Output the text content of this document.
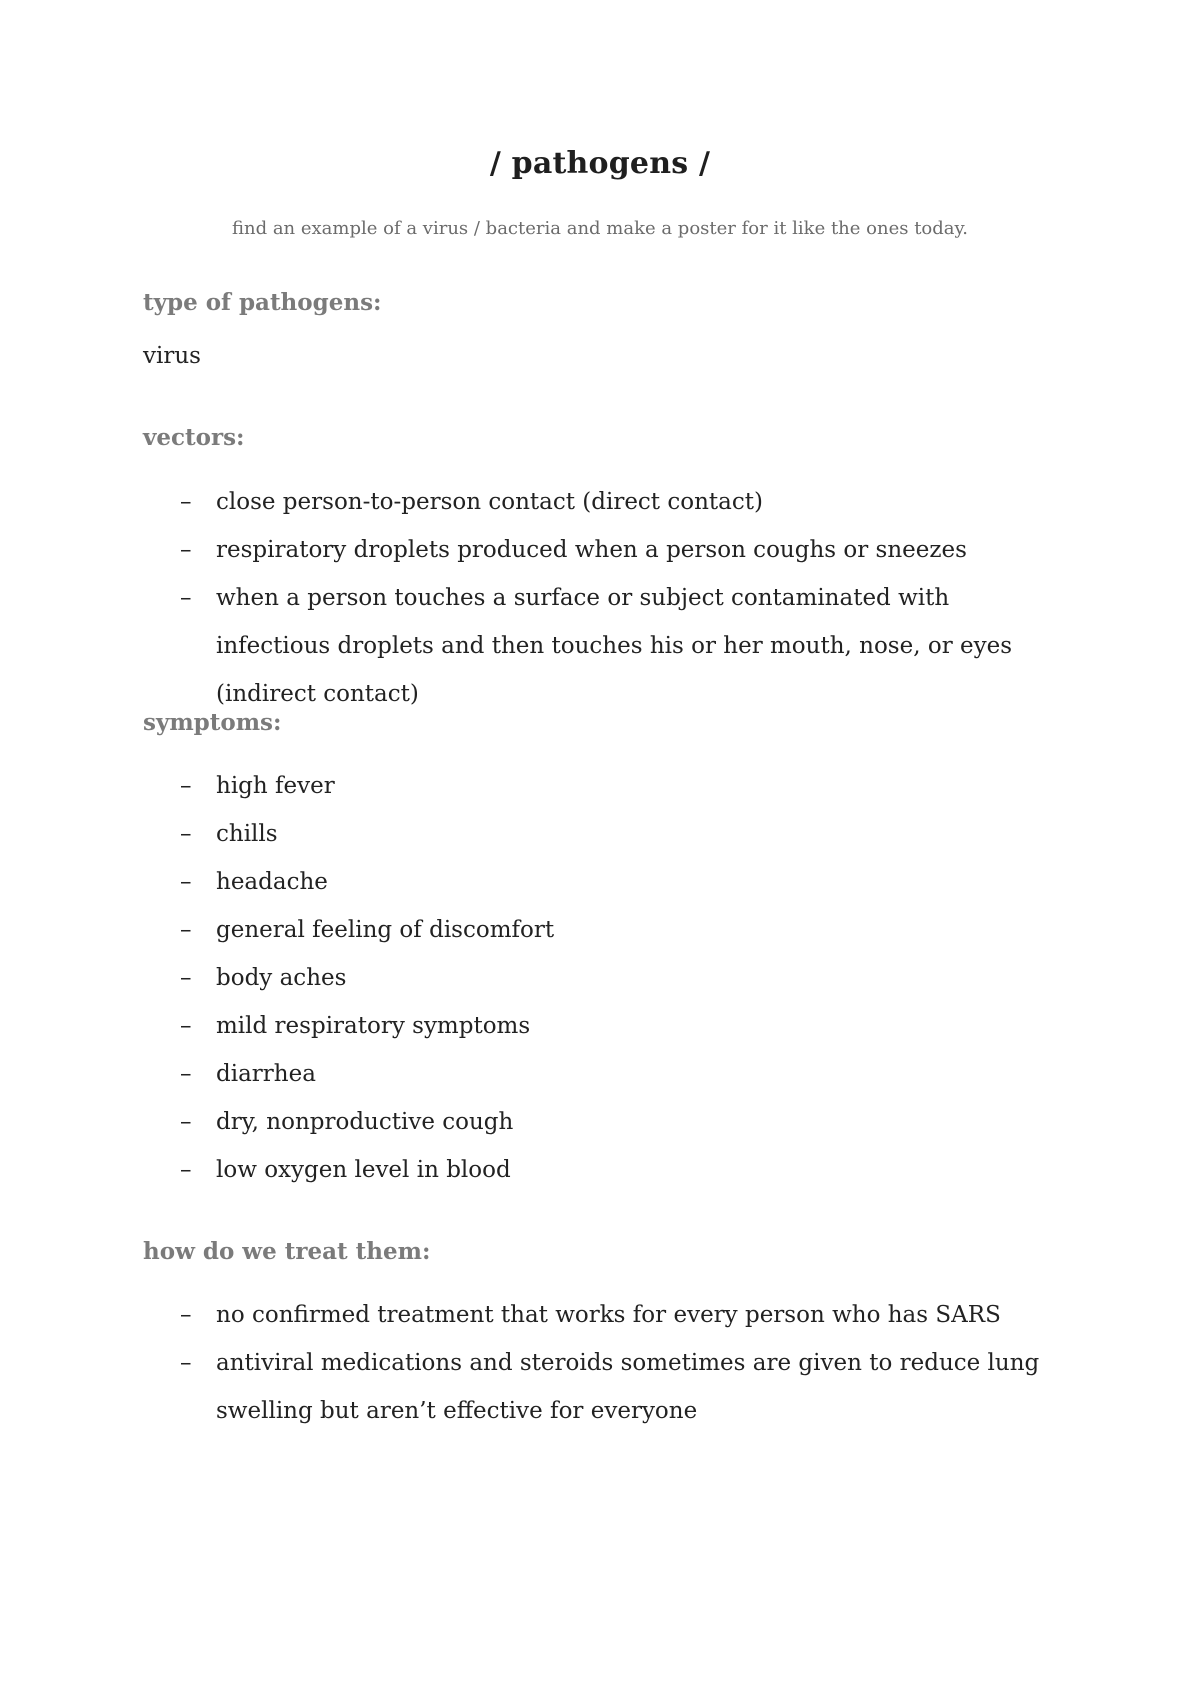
/ pathogens /
find an example of a virus / bacteria and make a poster for it like the ones today.
type of pathogens:
virus
vectors:
– close person-to-person contact (direct contact)
– respiratory droplets produced when a person coughs or sneezes
– when a person touches a surface or subject contaminated with infectious droplets and then touches his or her mouth, nose, or eyes (indirect contact)
symptoms:
– high fever
– chills
– headache
– general feeling of discomfort
– body aches
– mild respiratory symptoms
– diarrhea
– dry, nonproductive cough
– low oxygen level in blood
how do we treat them:
– no confirmed treatment that works for every person who has SARS
– antiviral medications and steroids sometimes are given to reduce lung swelling but aren’t effective for everyone
